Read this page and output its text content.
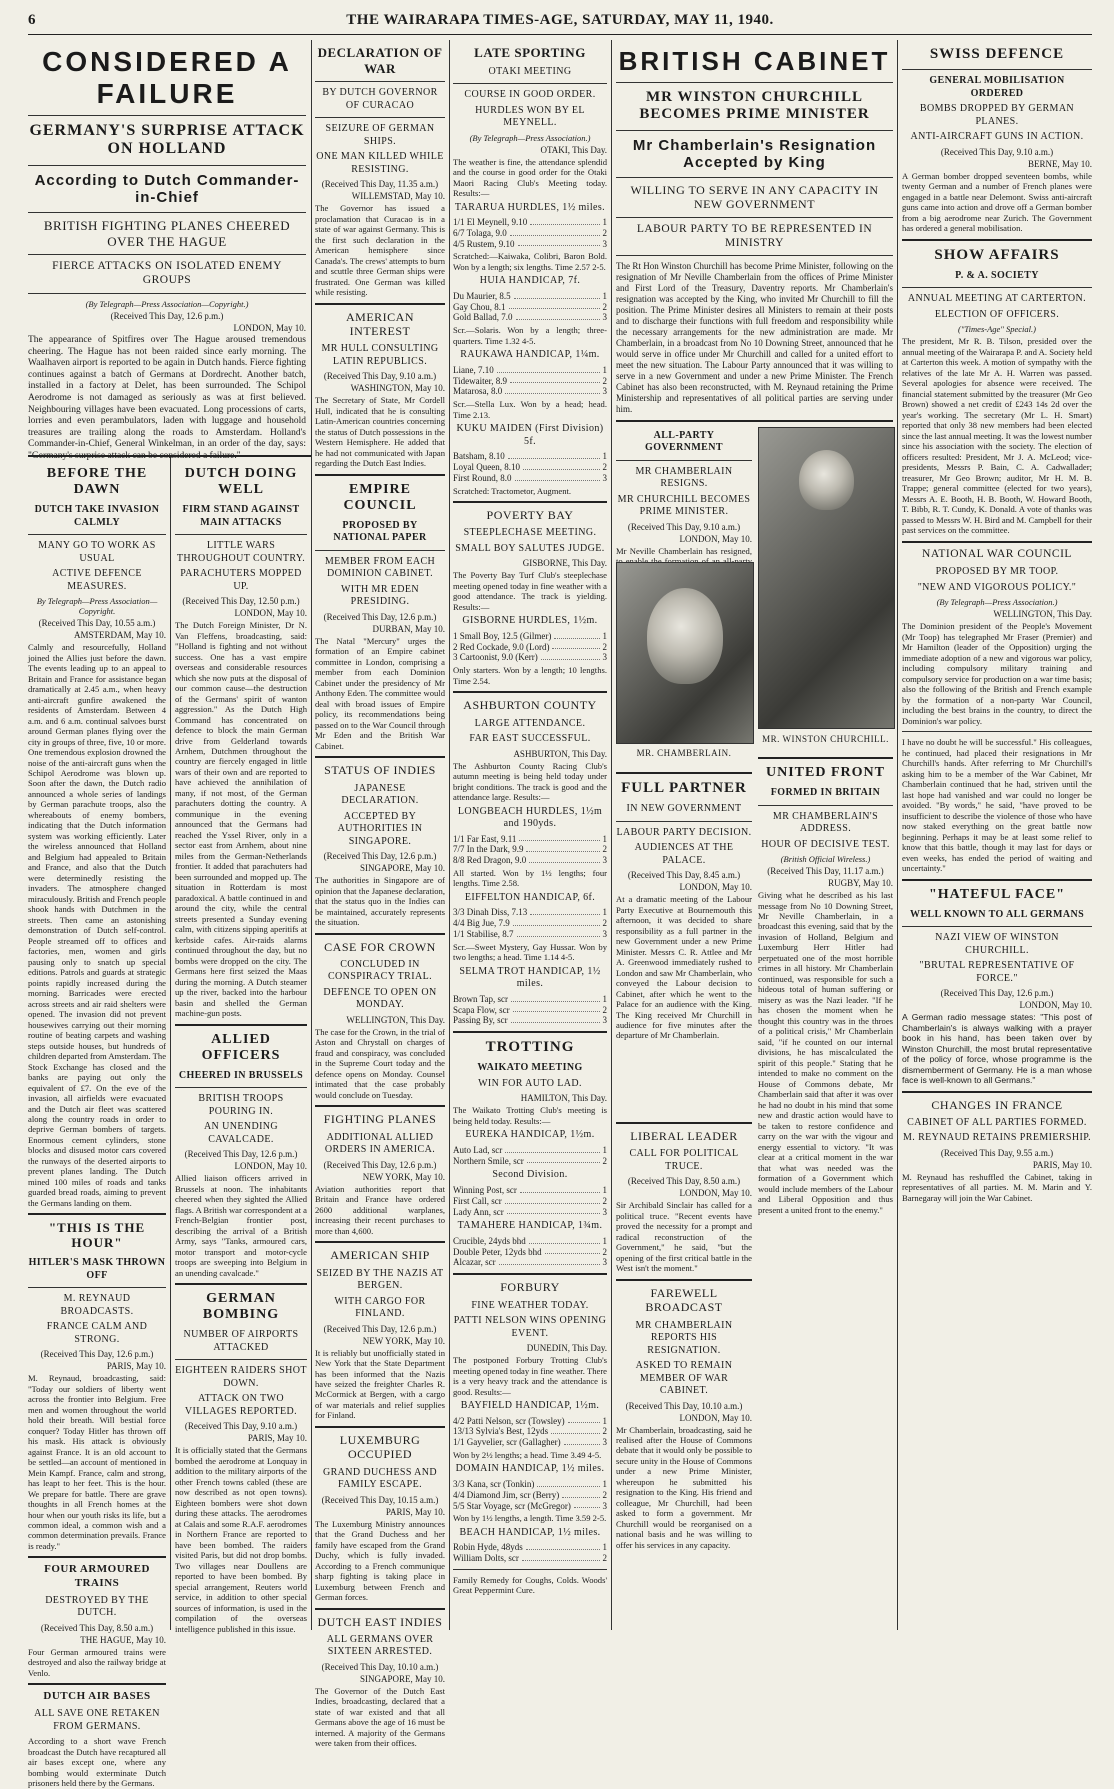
6	THE WAIRARAPA TIMES-AGE, SATURDAY, MAY 11, 1940.
CONSIDERED A FAILURE
GERMANY'S SURPRISE ATTACK ON HOLLAND
According to Dutch Commander-in-Chief
BRITISH FIGHTING PLANES CHEERED OVER THE HAGUE
FIERCE ATTACKS ON ISOLATED ENEMY GROUPS
(By Telegraph—Press Association—Copyright.)
(Received This Day, 12.6 p.m.)
LONDON, May 10.
The appearance of Spitfires over The Hague aroused tremendous cheering. The Hague has not been raided since early morning. The Waalhaven airport is reported to be again in Dutch hands. Fierce fighting continues against a batch of Germans at Dordrecht. Another batch, installed in a factory at Delet, has been surrounded. The Schipol Aerodrome is not damaged as seriously as was at first believed. Neighbouring villages have been evacuated. Long processions of carts, lorries and even perambulators, laden with luggage and household treasures are trailing along the roads to Amsterdam. Holland's Commander-in-Chief, General Winkelman, in an order of the day, says: "Germany's surprise attack can be considered a failure."
BEFORE THE DAWN
DUTCH TAKE INVASION CALMLY
MANY GO TO WORK AS USUAL
ACTIVE DEFENCE MEASURES.
By Telegraph—Press Association—Copyright.
(Received This Day, 10.55 a.m.)
AMSTERDAM, May 10.
Calmly and resourcefully, Holland joined the Allies just before the dawn. The events leading up to an appeal to Britain and France for assistance began dramatically at 2.45 a.m., when heavy anti-aircraft gunfire awakened the residents of Amsterdam. Between 4 a.m. and 6 a.m. continual salvoes burst around German planes flying over the city in groups of three, five, 10 or more. One tremendous explosion drowned the noise of the anti-aircraft guns when the Schipol Aerodrome was blown up. Soon after the dawn, the Dutch radio announced a whole series of landings by German parachute troops, also the whereabouts of enemy bombers, indicating that the Dutch information system was working efficiently. Later the wireless announced that Holland and Belgium had appealed to Britain and France, and also that the Dutch were determinedly resisting the invaders. The atmosphere changed miraculously. British and French people shook hands with Dutchmen in the streets. Then came an astonishing demonstration of Dutch self-control. People streamed off to offices and factories, men, women and girls pausing only to snatch up special editions. Patrols and guards at strategic points rapidly increased during the morning. Barricades were erected across streets and air raid shelters were opened. The invasion did not prevent housewives carrying out their morning routine of beating carpets and washing steps outside houses, but hundreds of children departed from Amsterdam. The Stock Exchange has closed and the banks are paying out only the equivalent of £7. On the eve of the invasion, all airfields were evacuated and the Dutch air fleet was scattered along the country roads in order to deprive German bombers of targets. Enormous cement cylinders, stone blocks and disused motor cars covered the runways of the deserted airports to prevent planes landing. The Dutch mined 100 miles of roads and tanks guarded bread roads, aiming to prevent the Germans landing on them.
"THIS IS THE HOUR"
HITLER'S MASK THROWN OFF
M. REYNAUD BROADCASTS.
FRANCE CALM AND STRONG.
(Received This Day, 12.6 p.m.)
PARIS, May 10.
M. Reynaud, broadcasting, said: "Today our soldiers of liberty went across the frontier into Belgium. Free men and women throughout the world hold their breath. Will bestial force conquer? Today Hitler has thrown off his mask. His attack is obviously against France. It is an old account to be settled—an account of mentioned in Mein Kampf. France, calm and strong, has leapt to her feet. This is the hour. We prepare for battle. There are grave thoughts in all French homes at the hour when our youth risks its life, but a common ideal, a common wish and a common determination prevails. France is ready."
FOUR ARMOURED TRAINS
DESTROYED BY THE DUTCH.
(Received This Day, 8.50 a.m.)
THE HAGUE, May 10.
Four German armoured trains were destroyed and also the railway bridge at Venlo.
DUTCH AIR BASES
ALL SAVE ONE RETAKEN FROM GERMANS.
According to a short wave French broadcast the Dutch have recaptured all air bases except one, where any bombing would exterminate Dutch prisoners held there by the Germans.
DUTCH DOING WELL
FIRM STAND AGAINST MAIN ATTACKS
LITTLE WARS THROUGHOUT COUNTRY.
PARACHUTERS MOPPED UP.
(Received This Day, 12.50 p.m.)
LONDON, May 10.
The Dutch Foreign Minister, Dr N. Van Fleffens, broadcasting, said: "Holland is fighting and not without success. One has a vast empire overseas and considerable resources which she now puts at the disposal of our common cause—the destruction of the Germans' spirit of wanton aggression." As the Dutch High Command has concentrated on defence to block the main German drive from Gelderland towards Arnhem, Dutchmen throughout the country are fiercely engaged in little wars of their own and are reported to have achieved the annihilation of many, if not most, of the German parachuters dotting the country. A communique in the evening announced that the Germans had reached the Yssel River, only in a sector east from Arnhem, about nine miles from the German-Netherlands frontier. It added that parachuters had been surrounded and mopped up. The situation in Rotterdam is most paradoxical. A battle continued in and around the city, while the central streets presented a Sunday evening calm, with citizens sipping aperitifs at kerbside cafes. Air-raids alarms continued throughout the day, but no bombs were dropped on the city. The Germans here first seized the Maas during the morning. A Dutch steamer up the river, backed into the harbour basin and shelled the German machine-gun posts.
ALLIED OFFICERS
CHEERED IN BRUSSELS
BRITISH TROOPS POURING IN.
AN UNENDING CAVALCADE.
(Received This Day, 12.6 p.m.)
LONDON, May 10.
Allied liaison officers arrived in Brussels at noon. The inhabitants cheered when they sighted the Allied flags. A British war correspondent at a French-Belgian frontier post, describing the arrival of a British Army, says "Tanks, armoured cars, motor transport and motor-cycle troops are sweeping into Belgium in an unending cavalcade."
GERMAN BOMBING
NUMBER OF AIRPORTS ATTACKED
EIGHTEEN RAIDERS SHOT DOWN.
ATTACK ON TWO VILLAGES REPORTED.
(Received This Day, 9.10 a.m.)
PARIS, May 10.
It is officially stated that the Germans bombed the aerodrome at Lonquay in addition to the military airports of the other French towns cabled (these are now described as not open towns). Eighteen bombers were shot down during these attacks. The aerodromes at Calais and some R.A.F. aerodromes in Northern France are reported to have been bombed. The raiders visited Paris, but did not drop bombs. Two villages near Doullens are reported to have been bombed. By special arrangement, Reuters world service, in addition to other special sources of information, is used in the compilation of the overseas intelligence published in this issue.
DECLARATION OF WAR
BY DUTCH GOVERNOR OF CURACAO
SEIZURE OF GERMAN SHIPS.
ONE MAN KILLED WHILE RESISTING.
(Received This Day, 11.35 a.m.)
WILLEMSTAD, May 10.
The Governor has issued a proclamation that Curacao is in a state of war against Germany. This is the first such declaration in the American hemisphere since Canada's. The crews' attempts to burn and scuttle three German ships were frustrated. One German was killed while resisting.
AMERICAN INTEREST
MR HULL CONSULTING LATIN REPUBLICS.
(Received This Day, 9.10 a.m.)
WASHINGTON, May 10.
The Secretary of State, Mr Cordell Hull, indicated that he is consulting Latin-American countries concerning the status of Dutch possessions in the Western Hemisphere. He added that he had not communicated with Japan regarding the Dutch East Indies.
EMPIRE COUNCIL
PROPOSED BY NATIONAL PAPER
MEMBER FROM EACH DOMINION CABINET.
WITH MR EDEN PRESIDING.
(Received This Day, 12.6 p.m.)
DURBAN, May 10.
The Natal "Mercury" urges the formation of an Empire cabinet committee in London, comprising a member from each Dominion Cabinet under the presidency of Mr Anthony Eden. The committee would deal with broad issues of Empire policy, its recommendations being passed on to the War Council through Mr Eden and the British War Cabinet.
STATUS OF INDIES
JAPANESE DECLARATION.
ACCEPTED BY AUTHORITIES IN SINGAPORE.
(Received This Day, 12.6 p.m.)
SINGAPORE, May 10.
The authorities in Singapore are of opinion that the Japanese declaration, that the status quo in the Indies can be maintained, accurately represents the situation.
CASE FOR CROWN
CONCLUDED IN CONSPIRACY TRIAL.
DEFENCE TO OPEN ON MONDAY.
WELLINGTON, This Day.
The case for the Crown, in the trial of Aston and Chrystall on charges of fraud and conspiracy, was concluded in the Supreme Court today and the defence opens on Monday. Counsel intimated that the case probably would conclude on Tuesday.
FIGHTING PLANES
ADDITIONAL ALLIED ORDERS IN AMERICA.
(Received This Day, 12.6 p.m.)
NEW YORK, May 10.
Aviation authorities report that Britain and France have ordered 2600 additional warplanes, increasing their recent purchases to more than 4,600.
AMERICAN SHIP
SEIZED BY THE NAZIS AT BERGEN.
WITH CARGO FOR FINLAND.
(Received This Day, 12.6 p.m.)
NEW YORK, May 10.
It is reliably but unofficially stated in New York that the State Department has been informed that the Nazis have seized the freighter Charles R. McCormick at Bergen, with a cargo of war materials and relief supplies for Finland.
LUXEMBURG OCCUPIED
GRAND DUCHESS AND FAMILY ESCAPE.
(Received This Day, 10.15 a.m.)
PARIS, May 10.
The Luxemburg Ministry announces that the Grand Duchess and her family have escaped from the Grand Duchy, which is fully invaded. According to a French communique sharp fighting is taking place in Luxemburg between French and German forces.
DUTCH EAST INDIES
ALL GERMANS OVER SIXTEEN ARRESTED.
(Received This Day, 10.10 a.m.)
SINGAPORE, May 10.
The Governor of the Dutch East Indies, broadcasting, declared that a state of war existed and that all Germans above the age of 16 must be interned. A majority of the Germans were taken from their offices.
LATE SPORTING
OTAKI MEETING
COURSE IN GOOD ORDER.
HURDLES WON BY EL MEYNELL.
(By Telegraph—Press Association.)
OTAKI, This Day.
The weather is fine, the attendance splendid and the course in good order for the Otaki Maori Racing Club's Meeting today. Results:—
TARARUA HURDLES, 1½ miles.
1/1 El Meynell, 9.10	1
6/7 Tolaga, 9.0	2
4/5 Rustem, 9.10	3
Scratched:—Kaiwaka, Colibri, Baron Bold. Won by a length; six lengths. Time 2.57 2-5.
HUIA HANDICAP, 7f.
Du Maurier, 8.5	1
Gay Chou, 8.1	2
Gold Ballad, 7.0	3
Scr.—Solaris. Won by a length; three-quarters. Time 1.32 4-5.
RAUKAWA HANDICAP, 1¼m.
Liane, 7.10	1
Tidewaiter, 8.9	2
Matarosa, 8.0	3
Scr.—Stella Lux. Won by a head; head. Time 2.13.
KUKU MAIDEN (First Division) 5f.
Batsham, 8.10	1
Loyal Queen, 8.10	2
First Round, 8.0	3
Scratched: Tractometor, Augment.
POVERTY BAY
STEEPLECHASE MEETING.
SMALL BOY SALUTES JUDGE.
GISBORNE, This Day.
The Poverty Bay Turf Club's steeplechase meeting opened today in fine weather with a good attendance. The track is yielding. Results:—
GISBORNE HURDLES, 1½m.
1 Small Boy, 12.5 (Gilmer)	1
2 Red Cockade, 9.0 (Lord)	2
3 Cartoonist, 9.0 (Kerr)	3
Only starters. Won by a length; 10 lengths. Time 2.54.
ASHBURTON COUNTY
LARGE ATTENDANCE.
FAR EAST SUCCESSFUL.
ASHBURTON, This Day.
The Ashburton County Racing Club's autumn meeting is being held today under bright conditions. The track is good and the attendance large. Results:—
LONGBEACH HURDLES, 1½m and 190yds.
1/1 Far East, 9.11	1
7/7 In the Dark, 9.9	2
8/8 Red Dragon, 9.0	3
All started. Won by 1½ lengths; four lengths. Time 2.58.
EIFFELTON HANDICAP, 6f.
3/3 Dinah Diss, 7.13	1
4/4 Big Jue, 7.9	2
1/1 Stabilise, 8.7	3
Scr.—Sweet Mystery, Gay Hussar. Won by two lengths; a head. Time 1.14 4-5.
SELMA TROT HANDICAP, 1½ miles.
Brown Tap, scr	1
Scapa Flow, scr	2
Passing By, scr	3
TROTTING
WAIKATO MEETING
WIN FOR AUTO LAD.
HAMILTON, This Day.
The Waikato Trotting Club's meeting is being held today. Results:—
EUREKA HANDICAP, 1½m.
Auto Lad, scr	1
Northern Smile, scr	2
Second Division.
Winning Post, scr	1
First Call, scr	2
Lady Ann, scr	3
TAMAHERE HANDICAP, 1¾m.
Crucible, 24yds bhd	1
Double Peter, 12yds bhd	2
Alcazar, scr	3
FORBURY
FINE WEATHER TODAY.
PATTI NELSON WINS OPENING EVENT.
DUNEDIN, This Day.
The postponed Forbury Trotting Club's meeting opened today in fine weather. There is a very heavy track and the attendance is good. Results:—
BAYFIELD HANDICAP, 1½m.
4/2 Patti Nelson, scr (Towsley)	1
13/13 Sylvia's Best, 12yds	2
1/1 Gayvelier, scr (Gallagher)	3
Won by 2½ lengths; a head. Time 3.49 4-5.
DOMAIN HANDICAP, 1½ miles.
3/3 Kana, scr (Tonkin)	1
4/4 Diamond Jim, scr (Berry)	2
5/5 Star Voyage, scr (McGregor)	3
Won by 1½ lengths, a length. Time 3.59 2-5.
BEACH HANDICAP, 1½ miles.
Robin Hyde, 48yds	1
William Dolts, scr	2
Family Remedy for Coughs, Colds. Woods' Great Peppermint Cure.
BRITISH CABINET
MR WINSTON CHURCHILL BECOMES PRIME MINISTER
Mr Chamberlain's Resignation Accepted by King
WILLING TO SERVE IN ANY CAPACITY IN NEW GOVERNMENT
LABOUR PARTY TO BE REPRESENTED IN MINISTRY
The Rt Hon Winston Churchill has become Prime Minister, following on the resignation of Mr Neville Chamberlain from the offices of Prime Minister and First Lord of the Treasury, Daventry reports. Mr Chamberlain's resignation was accepted by the King, who invited Mr Churchill to fill the position. The Prime Minister desires all Ministers to remain at their posts and to discharge their functions with full freedom and responsibility while the necessary arrangements for the new administration are made. Mr Chamberlain, in a broadcast from No 10 Downing Street, announced that he would serve in office under Mr Churchill and called for a united effort to meet the new situation. The Labour Party announced that it was willing to serve in a new Government and under a new Prime Minister. The French Cabinet has also been reconstructed, with M. Reynaud retaining the Prime Ministership and representatives of all political parties are serving under him.
ALL-PARTY GOVERNMENT
MR CHAMBERLAIN RESIGNS.
MR CHURCHILL BECOMES PRIME MINISTER.
(Received This Day, 9.10 a.m.)
LONDON, May 10.
Mr Neville Chamberlain has resigned,
MR. CHAMBERLAIN.
MR. WINSTON CHURCHILL.
FULL PARTNER
IN NEW GOVERNMENT
LABOUR PARTY DECISION.
AUDIENCES AT THE PALACE.
(Received This Day, 8.45 a.m.)
LONDON, May 10.
At a dramatic meeting of the Labour Party Executive at Bournemouth this afternoon, it was decided to share responsibility as a full partner in the new Government under a new Prime Minister. Messrs C. R. Attlee and Mr A. Greenwood immediately rushed to London and saw Mr Chamberlain, who conveyed the Labour decision to Cabinet, after which he went to the Palace for an audience with the King. The King received Mr Churchill in audience for five minutes after the departure of Mr Chamberlain.
UNITED FRONT
FORMED IN BRITAIN
MR CHAMBERLAIN'S ADDRESS.
HOUR OF DECISIVE TEST.
(British Official Wireless.)
(Received This Day, 11.17 a.m.)
RUGBY, May 10.
Giving what he described as his last message from No 10 Downing Street, Mr Neville Chamberlain, in a broadcast this evening, said that by the invasion of Holland, Belgium and Luxemburg Herr Hitler had perpetuated one of the most horrible crimes in all history. Mr Chamberlain continued, was responsible for such a hideous total of human suffering or misery as was the Nazi leader. "If he has chosen the moment when he thought this country was in the throes of a political crisis," Mr Chamberlain said, "if he counted on our internal divisions, he has miscalculated the spirit of this people." Stating that he intended to make no comment on the House of Commons debate, Mr Chamberlain said that after it was over he had no doubt in his mind that some new and drastic action would have to be taken to restore confidence and carry on the war with the vigour and energy essential to victory. "It was clear at a critical moment in the war that what was needed was the formation of a Government which would include members of the Labour and Liberal Opposition and thus present a united front to the enemy."
LIBERAL LEADER
CALL FOR POLITICAL TRUCE.
(Received This Day, 8.50 a.m.)
LONDON, May 10.
Sir Archibald Sinclair has called for a political truce. "Recent events have proved the necessity for a prompt and radical reconstruction of the Government," he said, "but the opening of the first critical battle in the West isn't the moment."
FAREWELL BROADCAST
MR CHAMBERLAIN REPORTS HIS RESIGNATION.
ASKED TO REMAIN MEMBER OF WAR CABINET.
(Received This Day, 10.10 a.m.)
LONDON, May 10.
Mr Chamberlain, broadcasting, said he realised after the House of Commons debate that it would only be possible to secure unity in the House of Commons under a new Prime Minister, whereupon he submitted his resignation to the King. His friend and colleague, Mr Churchill, had been asked to form a government. Mr Churchill would be reorganised on a national basis and he was willing to offer his services in any capacity.
SWISS DEFENCE
GENERAL MOBILISATION ORDERED
BOMBS DROPPED BY GERMAN PLANES.
ANTI-AIRCRAFT GUNS IN ACTION.
(Received This Day, 9.10 a.m.)
BERNE, May 10.
A German bomber dropped seventeen bombs, while twenty German and a number of French planes were engaged in a battle near Delemont. Swiss anti-aircraft guns came into action and drove off a German bomber from a big aerodrome near Zurich. The Government has ordered a general mobilisation.
SHOW AFFAIRS
P. & A. SOCIETY
ANNUAL MEETING AT CARTERTON.
ELECTION OF OFFICERS.
("Times-Age" Special.)
The president, Mr R. B. Tilson, presided over the annual meeting of the Wairarapa P. and A. Society held at Carterton this week. A motion of sympathy with the relatives of the late Mr A. H. Warren was passed. Several apologies for absence were received. The financial statement submitted by the treasurer (Mr Geo Brown) showed a net credit of £243 14s 2d over the year's working. The secretary (Mr L. H. Smart) reported that only 38 new members had been elected since the last annual meeting. It was the lowest number since his association with the society. The election of officers resulted: President, Mr J. A. McLeod; vice-presidents, Messrs P. Bain, C. A. Cadwallader; treasurer, Mr Geo Brown; auditor, Mr H. M. B. Trappe; general committee (elected for two years), Messrs A. E. Booth, H. B. Booth, W. Howard Booth, T. Bibb, R. T. Cundy, K. Donald. A vote of thanks was passed to Messrs W. H. Bird and M. Campbell for their past services on the committee.
NATIONAL WAR COUNCIL
PROPOSED BY MR TOOP.
"NEW AND VIGOROUS POLICY."
(By Telegraph—Press Association.)
WELLINGTON, This Day.
The Dominion president of the People's Movement (Mr Toop) has telegraphed Mr Fraser (Premier) and Mr Hamilton (leader of the Opposition) urging the immediate adoption of a new and vigorous war policy, including compulsory military training and compulsory service for production on a war time basis; also the following of the British and French example by the formation of a non-party War Council, including the best brains in the country, to direct the Dominion's war policy.
I have no doubt he will be successful." His colleagues, he continued, had placed their resignations in Mr Churchill's hands. After referring to Mr Churchill's asking him to be a member of the War Cabinet, Mr Chamberlain continued that he had, striven until the last hope had vanished and war could no longer be avoided. "By words," he said, "have proved to be insufficient to describe the violence of those who have now staked everything on the great battle now beginning. Perhaps it may be at least some relief to know that this battle, though it may last for days or even weeks, has ended the period of waiting and uncertainty."
"HATEFUL FACE"
WELL KNOWN TO ALL GERMANS
NAZI VIEW OF WINSTON CHURCHILL.
"BRUTAL REPRESENTATIVE OF FORCE."
(Received This Day, 12.6 p.m.)
LONDON, May 10.
A German radio message states: "This post of Chamberlain's is always walking with a prayer book in his hand, has been taken over by Winston Churchill, the most brutal representative of the policy of force, whose programme is the dismemberment of Germany. He is a man whose face is well-known to all Germans."
CHANGES IN FRANCE
CABINET OF ALL PARTIES FORMED.
M. REYNAUD RETAINS PREMIERSHIP.
(Received This Day, 9.55 a.m.)
PARIS, May 10.
M. Reynaud has reshuffled the Cabinet, taking in representatives of all parties. M. M. Marin and Y. Barnegaray will join the War Cabinet.
